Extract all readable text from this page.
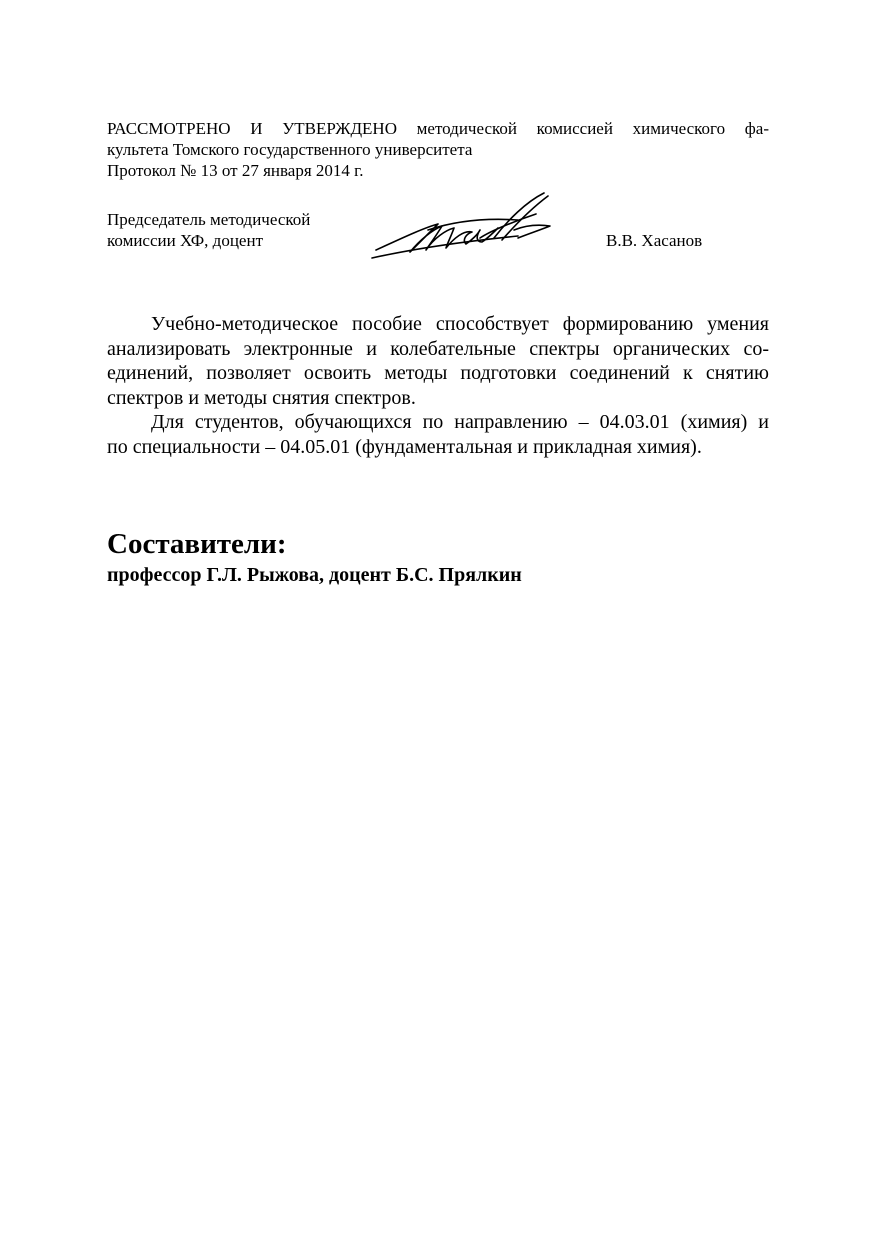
РАССМОТРЕНО И УТВЕРЖДЕНО методической комиссией химического фа-
культета Томского государственного университета
Протокол № 13 от 27 января 2014 г.
Председатель методической
комиссии ХФ, доцент	В.В. Хасанов
Учебно-методическое пособие способствует формированию умения
анализировать электронные и колебательные спектры органических со-
единений, позволяет освоить методы подготовки соединений к снятию
спектров и методы снятия спектров.
Для студентов, обучающихся по направлению – 04.03.01 (химия) и
по специальности – 04.05.01 (фундаментальная и прикладная химия).
Составители:
профессор Г.Л. Рыжова, доцент Б.С. Прялкин
